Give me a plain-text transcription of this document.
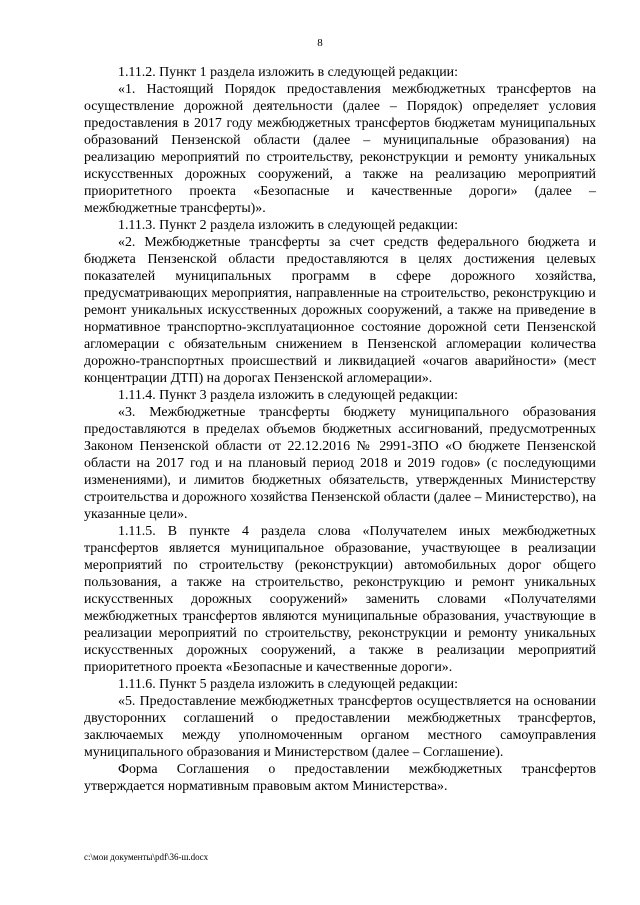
8

1.11.2. Пункт 1 раздела изложить в следующей редакции:

«1. Настоящий Порядок предоставления межбюджетных трансфертов на осуществление дорожной деятельности (далее – Порядок) определяет условия предоставления в 2017 году межбюджетных трансфертов бюджетам муниципальных образований Пензенской области (далее – муниципальные образования) на реализацию мероприятий по строительству, реконструкции и ремонту уникальных искусственных дорожных сооружений, а также на реализацию мероприятий приоритетного проекта «Безопасные и качественные дороги» (далее – межбюджетные трансферты)».

1.11.3. Пункт 2 раздела изложить в следующей редакции:

«2. Межбюджетные трансферты за счет средств федерального бюджета и бюджета Пензенской области предоставляются в целях достижения целевых показателей муниципальных программ в сфере дорожного хозяйства, предусматривающих мероприятия, направленные на строительство, реконструкцию и ремонт уникальных искусственных дорожных сооружений, а также на приведение в нормативное транспортно-эксплуатационное состояние дорожной сети Пензенской агломерации с обязательным снижением в Пензенской агломерации количества дорожно-транспортных происшествий и ликвидацией «очагов аварийности» (мест концентрации ДТП) на дорогах Пензенской агломерации».

1.11.4. Пункт 3 раздела изложить в следующей редакции:

«3. Межбюджетные трансферты бюджету муниципального образования предоставляются в пределах объемов бюджетных ассигнований, предусмотренных Законом Пензенской области от 22.12.2016 № 2991-ЗПО «О бюджете Пензенской области на 2017 год и на плановый период 2018 и 2019 годов» (с последующими изменениями), и лимитов бюджетных обязательств, утвержденных Министерству строительства и дорожного хозяйства Пензенской области (далее – Министерство), на указанные цели».

1.11.5. В пункте 4 раздела слова «Получателем иных межбюджетных трансфертов является муниципальное образование, участвующее в реализации мероприятий по строительству (реконструкции) автомобильных дорог общего пользования, а также на строительство, реконструкцию и ремонт уникальных искусственных дорожных сооружений» заменить словами «Получателями межбюджетных трансфертов являются муниципальные образования, участвующие в реализации мероприятий по строительству, реконструкции и ремонту уникальных искусственных дорожных сооружений, а также в реализации мероприятий приоритетного проекта «Безопасные и качественные дороги».

1.11.6. Пункт 5 раздела изложить в следующей редакции:

«5. Предоставление межбюджетных трансфертов осуществляется на основании двусторонних соглашений о предоставлении межбюджетных трансфертов, заключаемых между уполномоченным органом местного самоуправления муниципального образования и Министерством (далее – Соглашение).

Форма Соглашения о предоставлении межбюджетных трансфертов утверждается нормативным правовым актом Министерства».

c:\мои документы\pdf\36-ш.docx
